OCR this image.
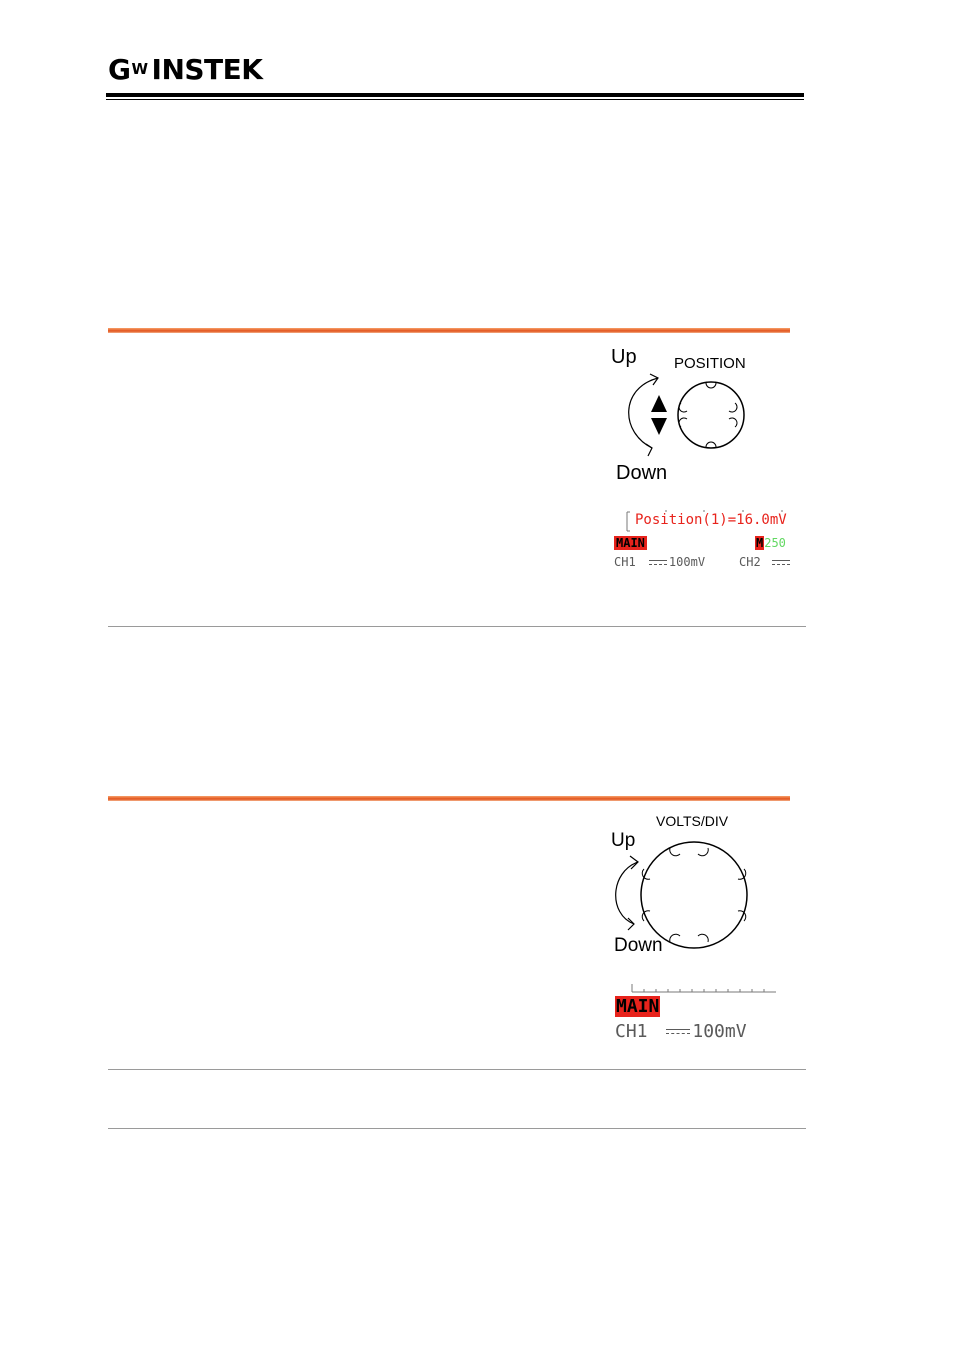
G W INSTEK
Up POSITION
Down
Position(1)=16.0mV
MAIN	M250
CH1	100mV	CH2
VOLTS/DIV
Up
Down
MAIN
CH1 100mV
